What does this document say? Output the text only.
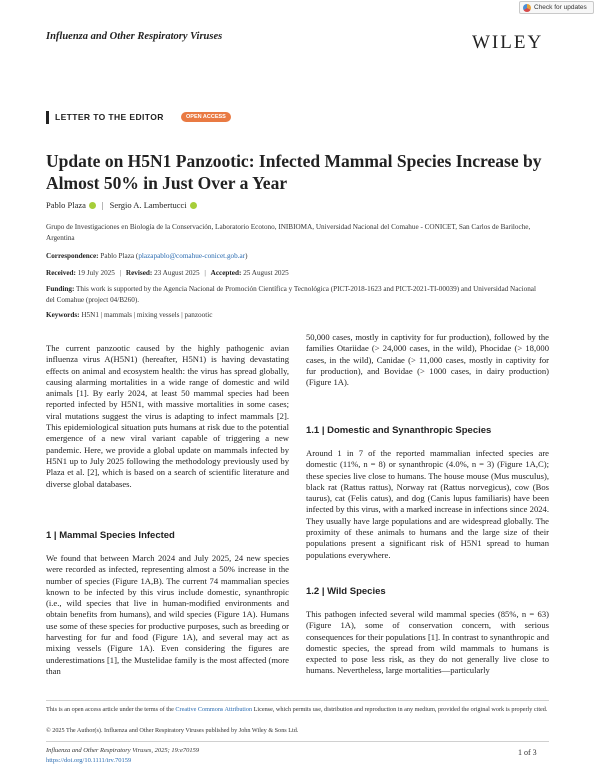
Check for updates
Influenza and Other Respiratory Viruses	WILEY
LETTER TO THE EDITOR	OPEN ACCESS
Update on H5N1 Panzootic: Infected Mammal Species Increase by Almost 50% in Just Over a Year
Pablo Plaza	| Sergio A. Lambertucci
Grupo de Investigaciones en Biología de la Conservación, Laboratorio Ecotono, INIBIOMA, Universidad Nacional del Comahue - CONICET, San Carlos de Bariloche, Argentina
Correspondence: Pablo Plaza (plazapablo@comahue-conicet.gob.ar)
Received: 19 July 2025 | Revised: 23 August 2025 | Accepted: 25 August 2025
Funding: This work is supported by the Agencia Nacional de Promoción Científica y Tecnológica (PICT-2018-1623 and PICT-2021-TI-00039) and Universidad Nacional del Comahue (project 04/B260).
Keywords: H5N1 | mammals | mixing vessels | panzootic
The current panzootic caused by the highly pathogenic avian influenza virus A(H5N1) (hereafter, H5N1) is having devastating effects on animal and ecosystem health: the virus has spread globally, causing alarming mortalities in a wide range of domestic and wild animals [1]. By early 2024, at least 50 mammal species had been reported infected by H5N1, with massive mortalities in some cases; viral mutations suggest the virus is adapting to infect mammals [2]. This epidemiological situation puts humans at risk due to the potential emergence of a new viral variant capable of triggering a new pandemic. Here, we provide a global update on mammals infected by H5N1 up to July 2025 following the methodology previously used by Plaza et al. [2], which is based on a search of scientific literature and diverse global databases.
1 | Mammal Species Infected
We found that between March 2024 and July 2025, 24 new species were recorded as infected, representing almost a 50% increase in the number of species (Figure 1A,B). The current 74 mammalian species known to be infected by this virus include domestic, synanthropic (i.e., wild species that live in human-modified environments and obtain benefits from humans), and wild species (Figure 1A). Humans use some of these species for productive purposes, such as breeding or harvesting for fur and food (Figure 1A), and several may act as mixing vessels (Figure 1A). Even considering the figures are underestimations [1], the Mustelidae family is the most affected (more than
50,000 cases, mostly in captivity for fur production), followed by the families Otariidae (> 24,000 cases, in the wild), Phocidae (> 18,000 cases, in the wild), Canidae (> 11,000 cases, mostly in captivity for fur production), and Bovidae (> 1000 cases, in dairy production) (Figure 1A).
1.1 | Domestic and Synanthropic Species
Around 1 in 7 of the reported mammalian infected species are domestic (11%, n = 8) or synanthropic (4.0%, n = 3) (Figure 1A,C); these species live close to humans. The house mouse (Mus musculus), black rat (Rattus rattus), Norway rat (Rattus norvegicus), cow (Bos taurus), cat (Felis catus), and dog (Canis lupus familiaris) have been infected by this virus, with a marked increase in infections since 2024. They usually have large populations and are widespread globally. The proximity of these animals to humans and the large size of their populations present a significant risk of H5N1 spread to human populations everywhere.
1.2 | Wild Species
This pathogen infected several wild mammal species (85%, n = 63) (Figure 1A), some of conservation concern, with serious consequences for their populations [1]. In contrast to synanthropic and domestic species, the spread from wild mammals to humans is expected to pose less risk, as they do not generally live close to humans. Nevertheless, large mortalities—particularly
This is an open access article under the terms of the Creative Commons Attribution License, which permits use, distribution and reproduction in any medium, provided the original work is properly cited.
© 2025 The Author(s). Influenza and Other Respiratory Viruses published by John Wiley & Sons Ltd.
Influenza and Other Respiratory Viruses, 2025; 19:e70159
https://doi.org/10.1111/irv.70159
1 of 3
